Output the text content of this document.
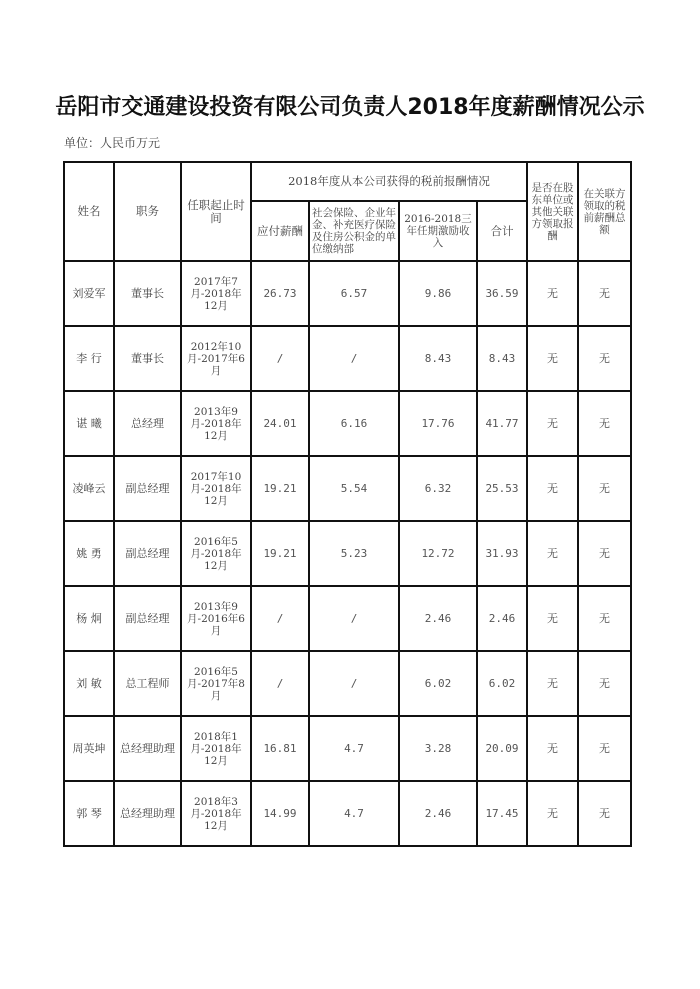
岳阳市交通建设投资有限公司负责人2018年度薪酬情况公示
单位：人民币万元
姓名	职务	任职起止时间	2018年度从本公司获得的税前报酬情况				是否在股东单位或其他关联方领取报酬	在关联方领取的税前薪酬总额
			应付薪酬	社会保险、企业年金、补充医疗保险及住房公积金的单位缴纳部	2016-2018三年任期激励收入	合计		
刘爱军	董事长	2017年7月-2018年12月	26.73	6.57	9.86	36.59	无	无
李 行	董事长	2012年10月-2017年6月	/	/	8.43	8.43	无	无
谌 曦	总经理	2013年9月-2018年12月	24.01	6.16	17.76	41.77	无	无
凌峰云	副总经理	2017年10月-2018年12月	19.21	5.54	6.32	25.53	无	无
姚 勇	副总经理	2016年5月-2018年12月	19.21	5.23	12.72	31.93	无	无
杨 炯	副总经理	2013年9月-2016年6月	/	/	2.46	2.46	无	无
刘 敏	总工程师	2016年5月-2017年8月	/	/	6.02	6.02	无	无
周英坤	总经理助理	2018年1月-2018年12月	16.81	4.7	3.28	20.09	无	无
郭 琴	总经理助理	2018年3月-2018年12月	14.99	4.7	2.46	17.45	无	无
